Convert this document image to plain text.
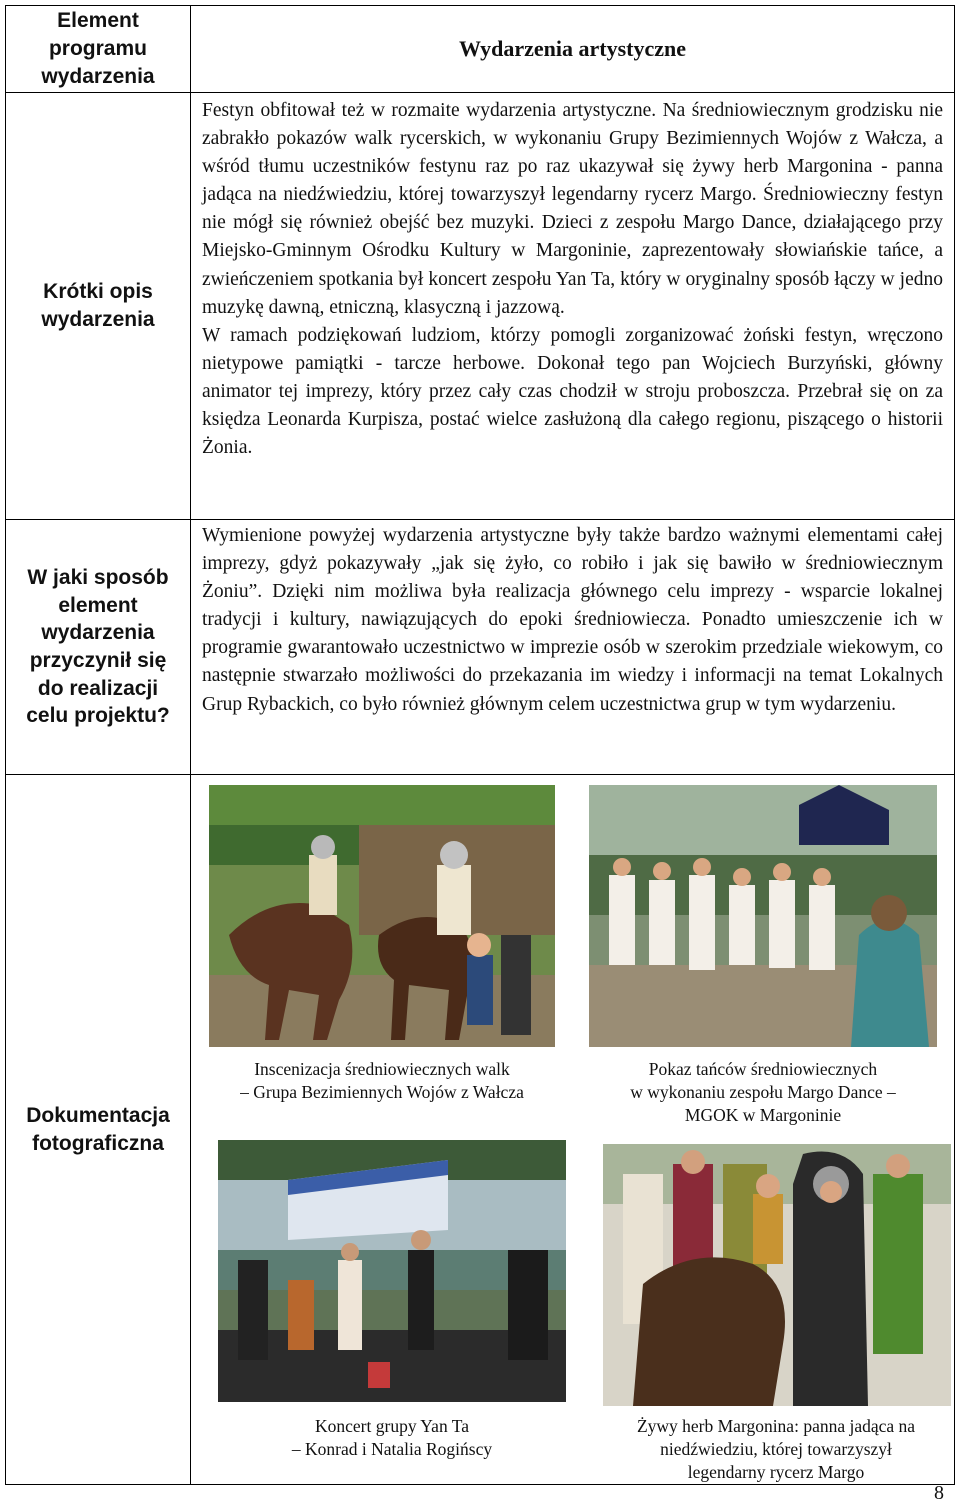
Element programu wydarzenia
Wydarzenia artystyczne
Krótki opis wydarzenia

Festyn obfitował też w rozmaite wydarzenia artystyczne. Na średniowiecznym grodzisku nie zabrakło pokazów walk rycerskich, w wykonaniu Grupy Bezimiennych Wojów z Wałcza, a wśród tłumu uczestników festynu raz po raz ukazywał się żywy herb Margonina - panna jadąca na niedźwiedziu, której towarzyszył legendarny rycerz Margo. Średniowieczny festyn nie mógł się również obejść bez muzyki. Dzieci z zespołu Margo Dance, działającego przy Miejsko-Gminnym Ośrodku Kultury w Margoninie, zaprezentowały słowiańskie tańce, a zwieńczeniem spotkania był koncert zespołu Yan Ta, który w oryginalny sposób łączy w jedno muzykę dawną, etniczną, klasyczną i jazzową.

W ramach podziękowań ludziom, którzy pomogli zorganizować żoński festyn, wręczono nietypowe pamiątki - tarcze herbowe. Dokonał tego pan Wojciech Burzyński, główny animator tej imprezy, który przez cały czas chodził w stroju proboszcza. Przebrał się on za księdza Leonarda Kurpisza, postać wielce zasłużoną dla całego regionu, piszącego o historii Żonia.

W jaki sposób element wydarzenia przyczynił się do realizacji celu projektu?

Wymienione powyżej wydarzenia artystyczne były także bardzo ważnymi elementami całej imprezy, gdyż pokazywały „jak się żyło, co robiło i jak się bawiło w średniowiecznym Żoniu”. Dzięki nim możliwa była realizacja głównego celu imprezy - wsparcie lokalnej tradycji i kultury, nawiązujących do epoki średniowiecza. Ponadto umieszczenie ich w programie gwarantowało uczestnictwo w imprezie osób w szerokim przedziale wiekowym, co następnie stwarzało możliwości do przekazania im wiedzy i informacji na temat Lokalnych Grup Rybackich, co było również głównym celem uczestnictwa grup w tym wydarzeniu.

Dokumentacja fotograficzna
Inscenizacja średniowiecznych walk
– Grupa Bezimiennych Wojów z Wałcza
Pokaz tańców średniowiecznych
w wykonaniu zespołu Margo Dance –
MGOK w Margoninie
Koncert grupy Yan Ta
– Konrad i Natalia Rogińscy
Żywy herb Margonina: panna jadąca na
niedźwiedziu, której towarzyszył
legendarny rycerz Margo
8
